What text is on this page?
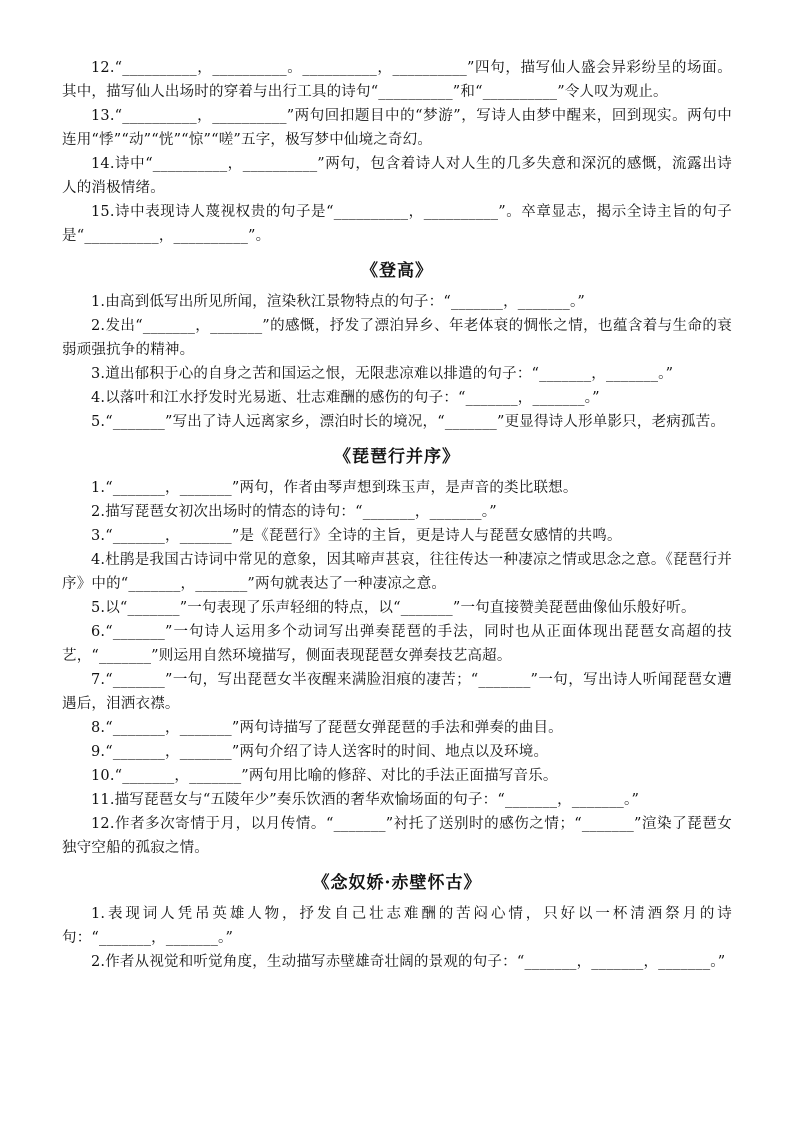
12.“__________，__________。__________，__________”四句，描写仙人盛会异彩纷呈的场面。其中，描写仙人出场时的穿着与出行工具的诗句“__________”和“__________”令人叹为观止。

13.“__________，__________”两句回扣题目中的“梦游”，写诗人由梦中醒来，回到现实。两句中连用“悸”“动”“恍”“惊”“嗟”五字，极写梦中仙境之奇幻。

14.诗中“__________，__________”两句，包含着诗人对人生的几多失意和深沉的感慨，流露出诗人的消极情绪。

15.诗中表现诗人蔑视权贵的句子是“__________，__________”。卒章显志，揭示全诗主旨的句子是“__________，__________”。

《登高》

1.由高到低写出所见所闻，渲染秋江景物特点的句子：“_______，_______。”

2.发出“_______，_______”的感慨，抒发了漂泊异乡、年老体衰的惆怅之情，也蕴含着与生命的衰弱顽强抗争的精神。

3.道出郁积于心的自身之苦和国运之恨，无限悲凉难以排遣的句子：“_______，_______。”

4.以落叶和江水抒发时光易逝、壮志难酬的感伤的句子：“_______，_______。”

5.“_______”写出了诗人远离家乡，漂泊时长的境况，“_______”更显得诗人形单影只，老病孤苦。

《琵琶行并序》

1.“_______，_______”两句，作者由琴声想到珠玉声，是声音的类比联想。

2.描写琵琶女初次出场时的情态的诗句：“_______，_______。”

3.“_______，_______”是《琵琶行》全诗的主旨，更是诗人与琵琶女感情的共鸣。

4.杜鹃是我国古诗词中常见的意象，因其啼声甚哀，往往传达一种凄凉之情或思念之意。《琵琶行并序》中的“_______，_______”两句就表达了一种凄凉之意。

5.以“_______”一句表现了乐声轻细的特点，以“_______”一句直接赞美琵琶曲像仙乐般好听。

6.“_______”一句诗人运用多个动词写出弹奏琵琶的手法，同时也从正面体现出琵琶女高超的技艺，“_______”则运用自然环境描写，侧面表现琵琶女弹奏技艺高超。

7.“_______”一句，写出琵琶女半夜醒来满脸泪痕的凄苦；“_______”一句，写出诗人听闻琵琶女遭遇后，泪洒衣襟。

8.“_______，_______”两句诗描写了琵琶女弹琵琶的手法和弹奏的曲目。

9.“_______，_______”两句介绍了诗人送客时的时间、地点以及环境。

10.“_______，_______”两句用比喻的修辞、对比的手法正面描写音乐。

11.描写琵琶女与“五陵年少”奏乐饮酒的奢华欢愉场面的句子：“_______，_______。”

12.作者多次寄情于月，以月传情。“_______”衬托了送别时的感伤之情；“_______”渲染了琵琶女独守空船的孤寂之情。

《念奴娇·赤壁怀古》

1.表现词人凭吊英雄人物，抒发自己壮志难酬的苦闷心情，只好以一杯清酒祭月的诗句：“_______，_______。”

2.作者从视觉和听觉角度，生动描写赤壁雄奇壮阔的景观的句子：“_______，_______，_______。”
